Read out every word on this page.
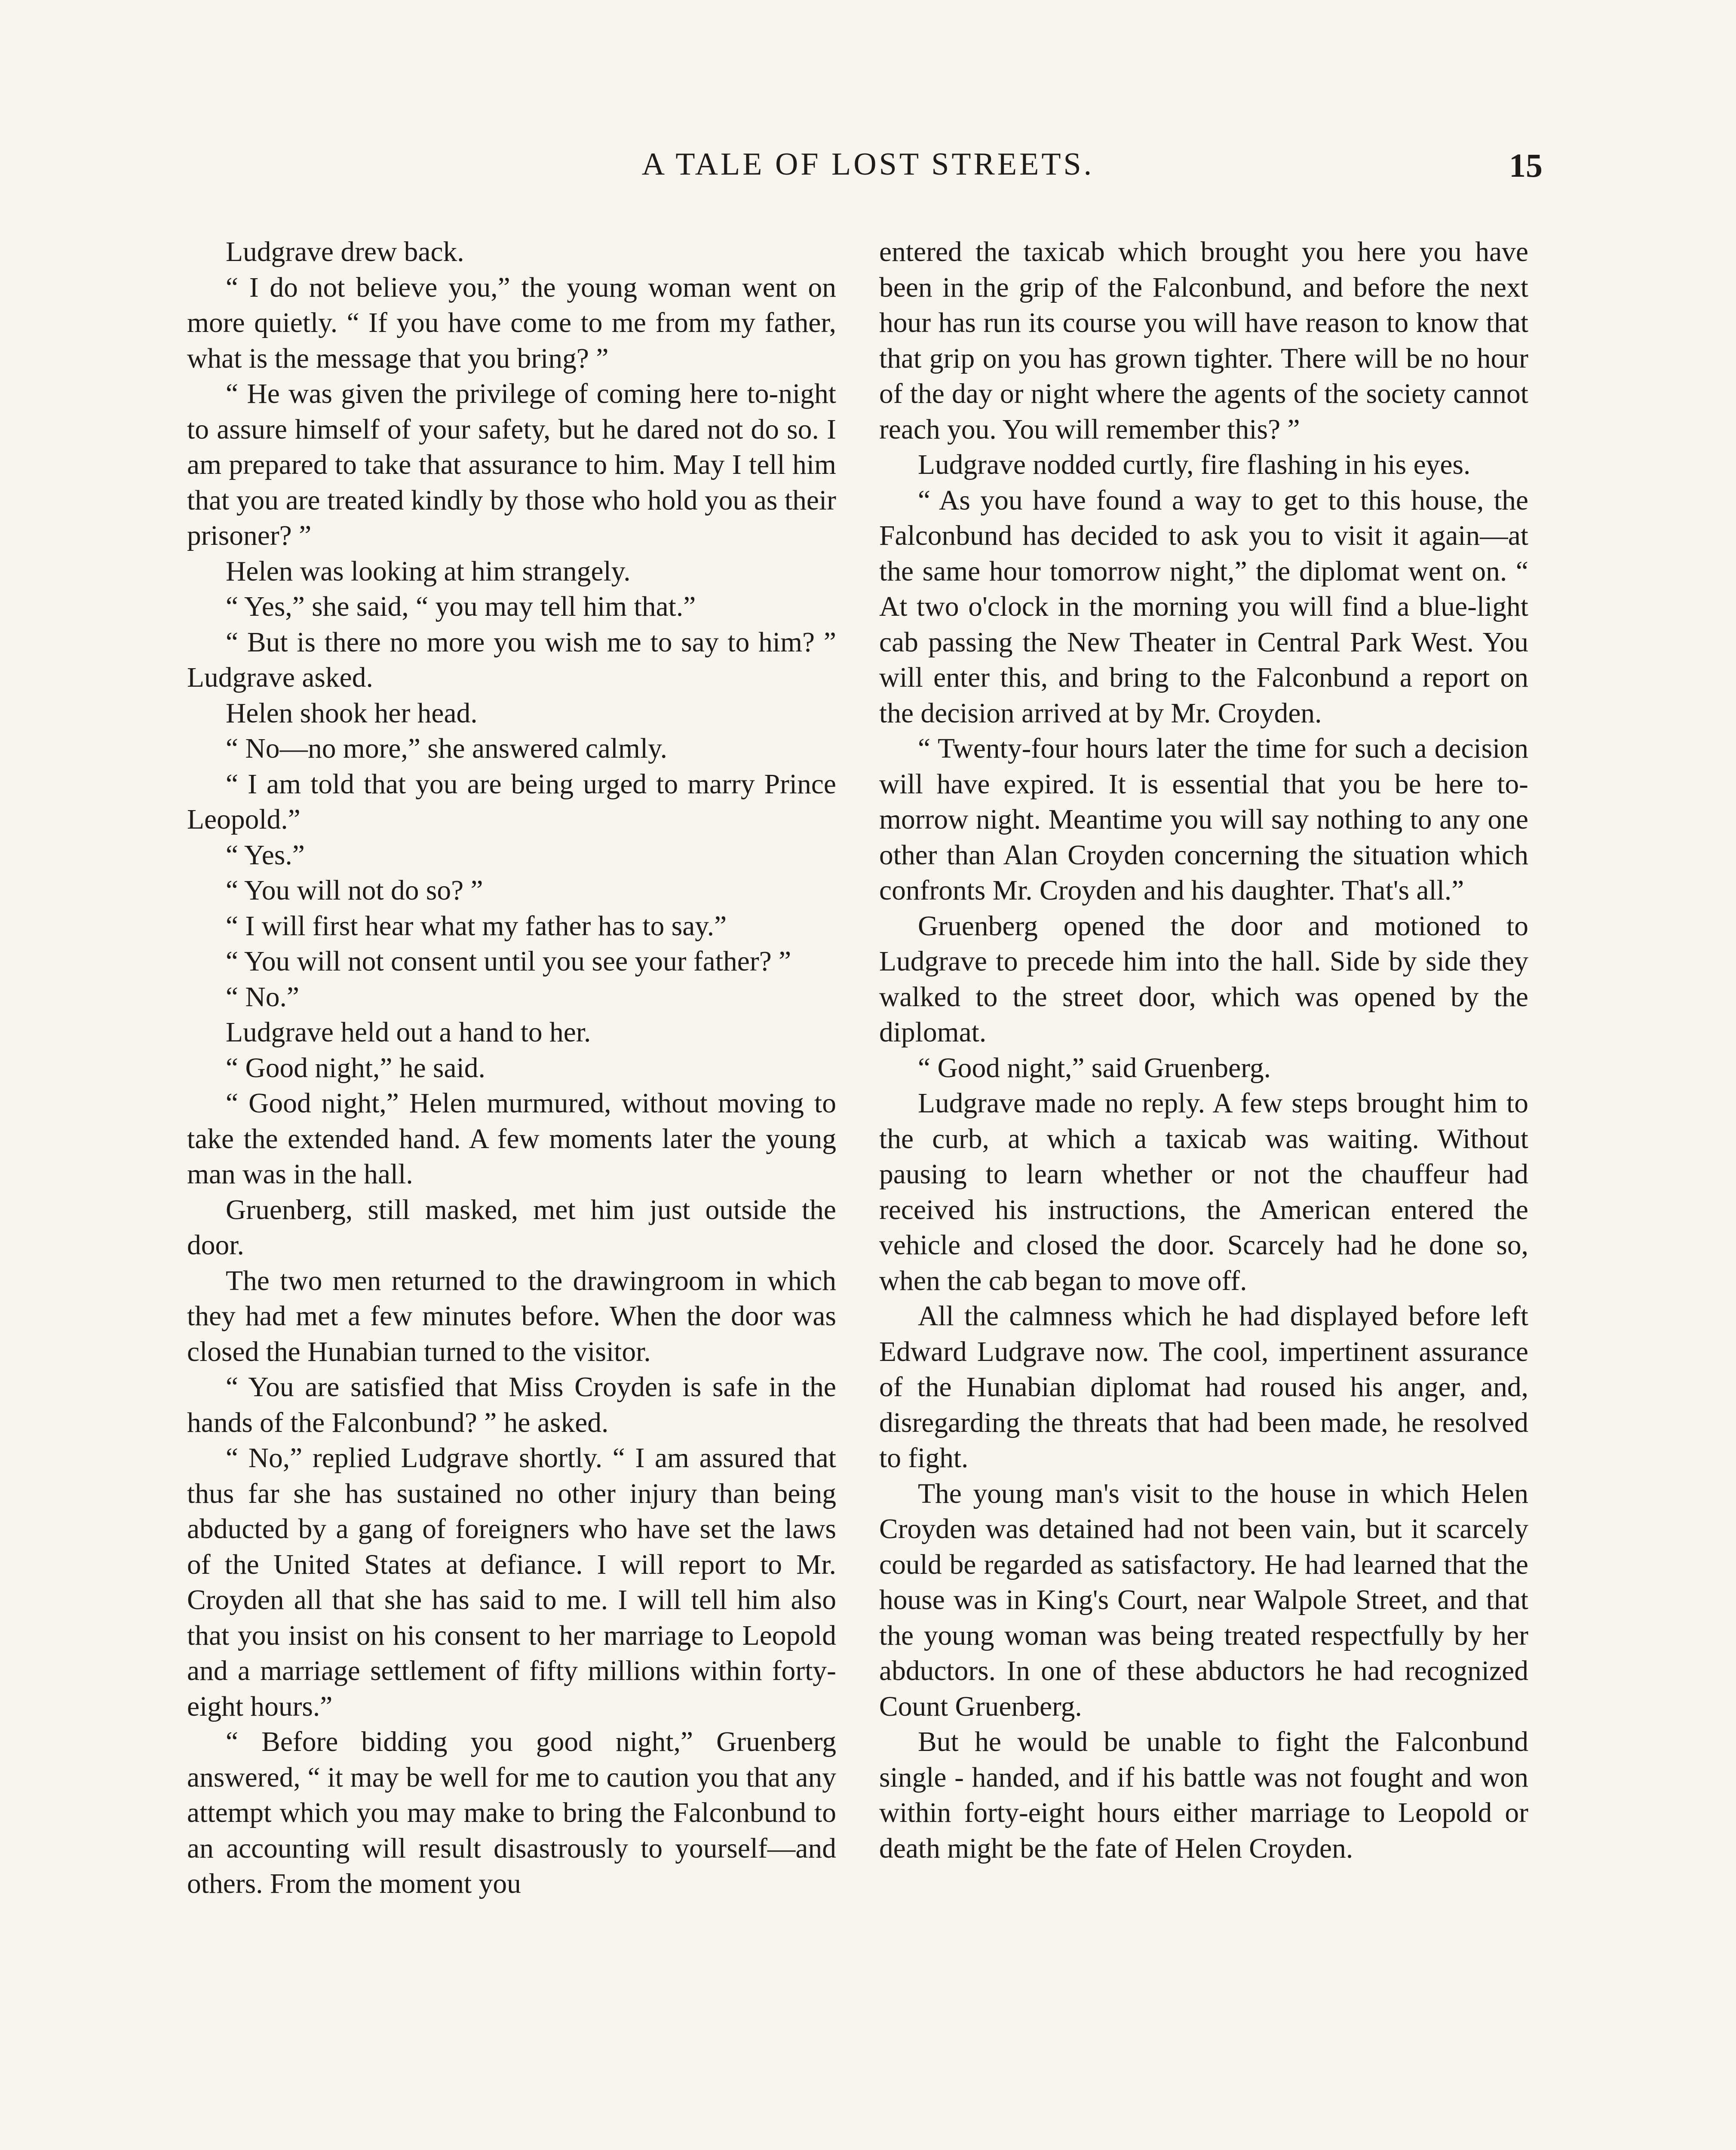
A TALE OF LOST STREETS.	15

Ludgrave drew back.

“ I do not believe you,” the young woman went on more quietly. “ If you have come to me from my father, what is the message that you bring? ”

“ He was given the privilege of coming here to-night to assure himself of your safety, but he dared not do so. I am prepared to take that assurance to him. May I tell him that you are treated kindly by those who hold you as their prisoner? ”

Helen was looking at him strangely.

“ Yes,” she said, “ you may tell him that.”

“ But is there no more you wish me to say to him? ” Ludgrave asked.

Helen shook her head.

“ No—no more,” she answered calmly.

“ I am told that you are being urged to marry Prince Leopold.”

“ Yes.”

“ You will not do so? ”

“ I will first hear what my father has to say.”

“ You will not consent until you see your father? ”

“ No.”

Ludgrave held out a hand to her.

“ Good night,” he said.

“ Good night,” Helen murmured, without moving to take the extended hand. A few moments later the young man was in the hall.

Gruenberg, still masked, met him just outside the door.

The two men returned to the drawingroom in which they had met a few minutes before. When the door was closed the Hunabian turned to the visitor.

“ You are satisfied that Miss Croyden is safe in the hands of the Falconbund? ” he asked.

“ No,” replied Ludgrave shortly. “ I am assured that thus far she has sustained no other injury than being abducted by a gang of foreigners who have set the laws of the United States at defiance. I will report to Mr. Croyden all that she has said to me. I will tell him also that you insist on his consent to her marriage to Leopold and a marriage settlement of fifty millions within forty-eight hours.”

“ Before bidding you good night,” Gruenberg answered, “ it may be well for me to caution you that any attempt which you may make to bring the Falconbund to an accounting will result disastrously to yourself—and others. From the moment you

entered the taxicab which brought you here you have been in the grip of the Falconbund, and before the next hour has run its course you will have reason to know that that grip on you has grown tighter. There will be no hour of the day or night where the agents of the society cannot reach you. You will remember this? ”

Ludgrave nodded curtly, fire flashing in his eyes.

“ As you have found a way to get to this house, the Falconbund has decided to ask you to visit it again—at the same hour tomorrow night,” the diplomat went on. “ At two o'clock in the morning you will find a blue-light cab passing the New Theater in Central Park West. You will enter this, and bring to the Falconbund a report on the decision arrived at by Mr. Croyden.

“ Twenty-four hours later the time for such a decision will have expired. It is essential that you be here to-morrow night. Meantime you will say nothing to any one other than Alan Croyden concerning the situation which confronts Mr. Croyden and his daughter. That's all.”

Gruenberg opened the door and motioned to Ludgrave to precede him into the hall. Side by side they walked to the street door, which was opened by the diplomat.

“ Good night,” said Gruenberg.

Ludgrave made no reply. A few steps brought him to the curb, at which a taxicab was waiting. Without pausing to learn whether or not the chauffeur had received his instructions, the American entered the vehicle and closed the door. Scarcely had he done so, when the cab began to move off.

All the calmness which he had displayed before left Edward Ludgrave now. The cool, impertinent assurance of the Hunabian diplomat had roused his anger, and, disregarding the threats that had been made, he resolved to fight.

The young man's visit to the house in which Helen Croyden was detained had not been vain, but it scarcely could be regarded as satisfactory. He had learned that the house was in King's Court, near Walpole Street, and that the young woman was being treated respectfully by her abductors. In one of these abductors he had recognized Count Gruenberg.

But he would be unable to fight the Falconbund single - handed, and if his battle was not fought and won within forty-eight hours either marriage to Leopold or death might be the fate of Helen Croyden.
